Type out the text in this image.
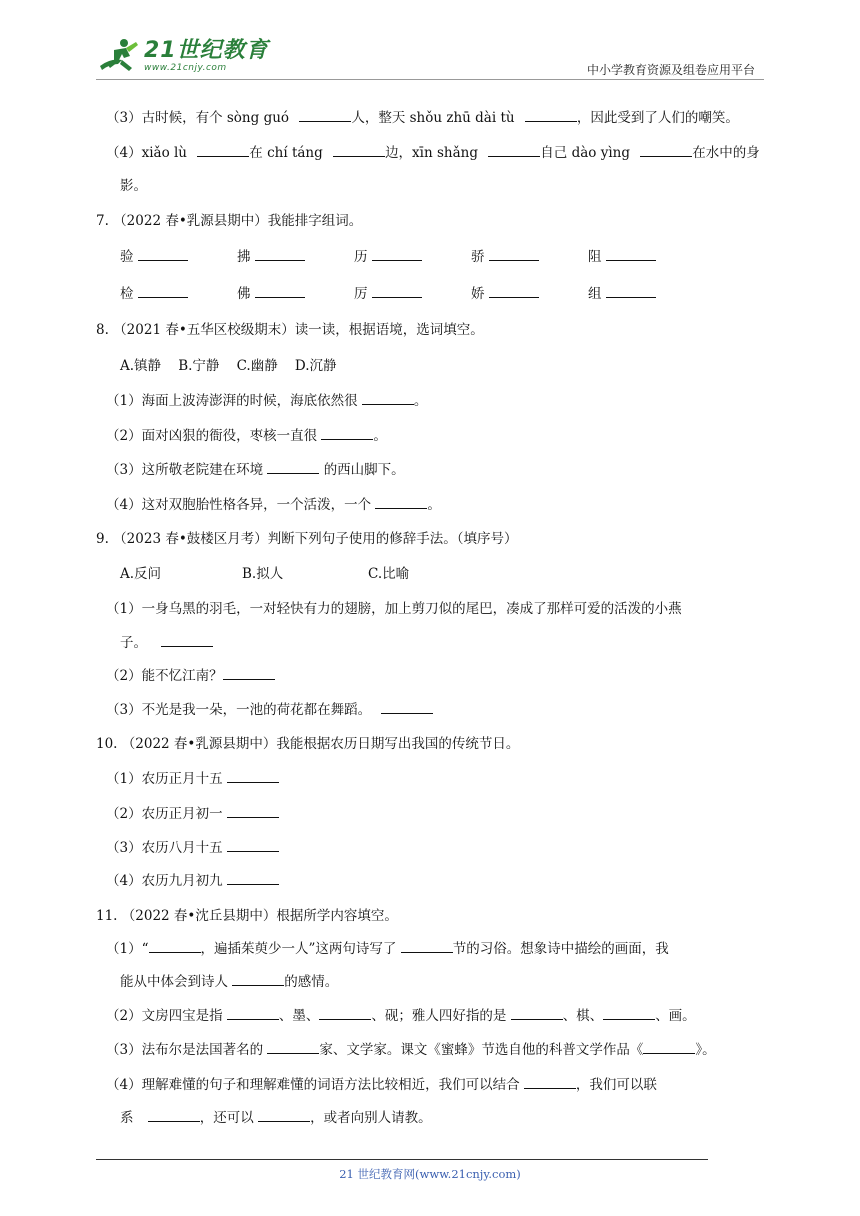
21世纪教育
www.21cnjy.com	中小学教育资源及组卷应用平台
（3）古时候，有个 sòng guó	人，整天 shǒu zhū dài tù	，因此受到了人们的嘲笑。
（4）xiǎo lù	在 chí táng	边，xīn shǎng	自己 dào yìng	在水中的身
影。
7. （2022 春•乳源县期中）我能排字组词。
验	拂	历	骄	阻
检	佛	厉	娇	组
8. （2021 春•五华区校级期末）读一读，根据语境，选词填空。
A.镇静    B.宁静    C.幽静    D.沉静
（1）海面上波涛澎湃的时候，海底依然很	。
（2）面对凶狠的衙役，枣核一直很	。
（3）这所敬老院建在环境	的西山脚下。
（4）这对双胞胎性格各异，一个活泼，一个	。
9. （2023 春•鼓楼区月考）判断下列句子使用的修辞手法。（填序号）
A.反问	B.拟人	C.比喻
（1）一身乌黑的羽毛，一对轻快有力的翅膀，加上剪刀似的尾巴，凑成了那样可爱的活泼的小燕
子。
（2）能不忆江南？
（3）不光是我一朵，一池的荷花都在舞蹈。
10. （2022 春•乳源县期中）我能根据农历日期写出我国的传统节日。
（1）农历正月十五
（2）农历正月初一
（3）农历八月十五
（4）农历九月初九
11. （2022 春•沈丘县期中）根据所学内容填空。
（1）“	，遍插茱萸少一人”这两句诗写了	节的习俗。想象诗中描绘的画面，我
能从中体会到诗人	的感情。
（2）文房四宝是指	、墨、	、砚；雅人四好指的是	、棋、	、画。
（3）法布尔是法国著名的	家、文学家。课文《蜜蜂》节选自他的科普文学作品《	》。
（4）理解难懂的句子和理解难懂的词语方法比较相近，我们可以结合	，我们可以联
系	，还可以	，或者向别人请教。
21 世纪教育网(www.21cnjy.com)
